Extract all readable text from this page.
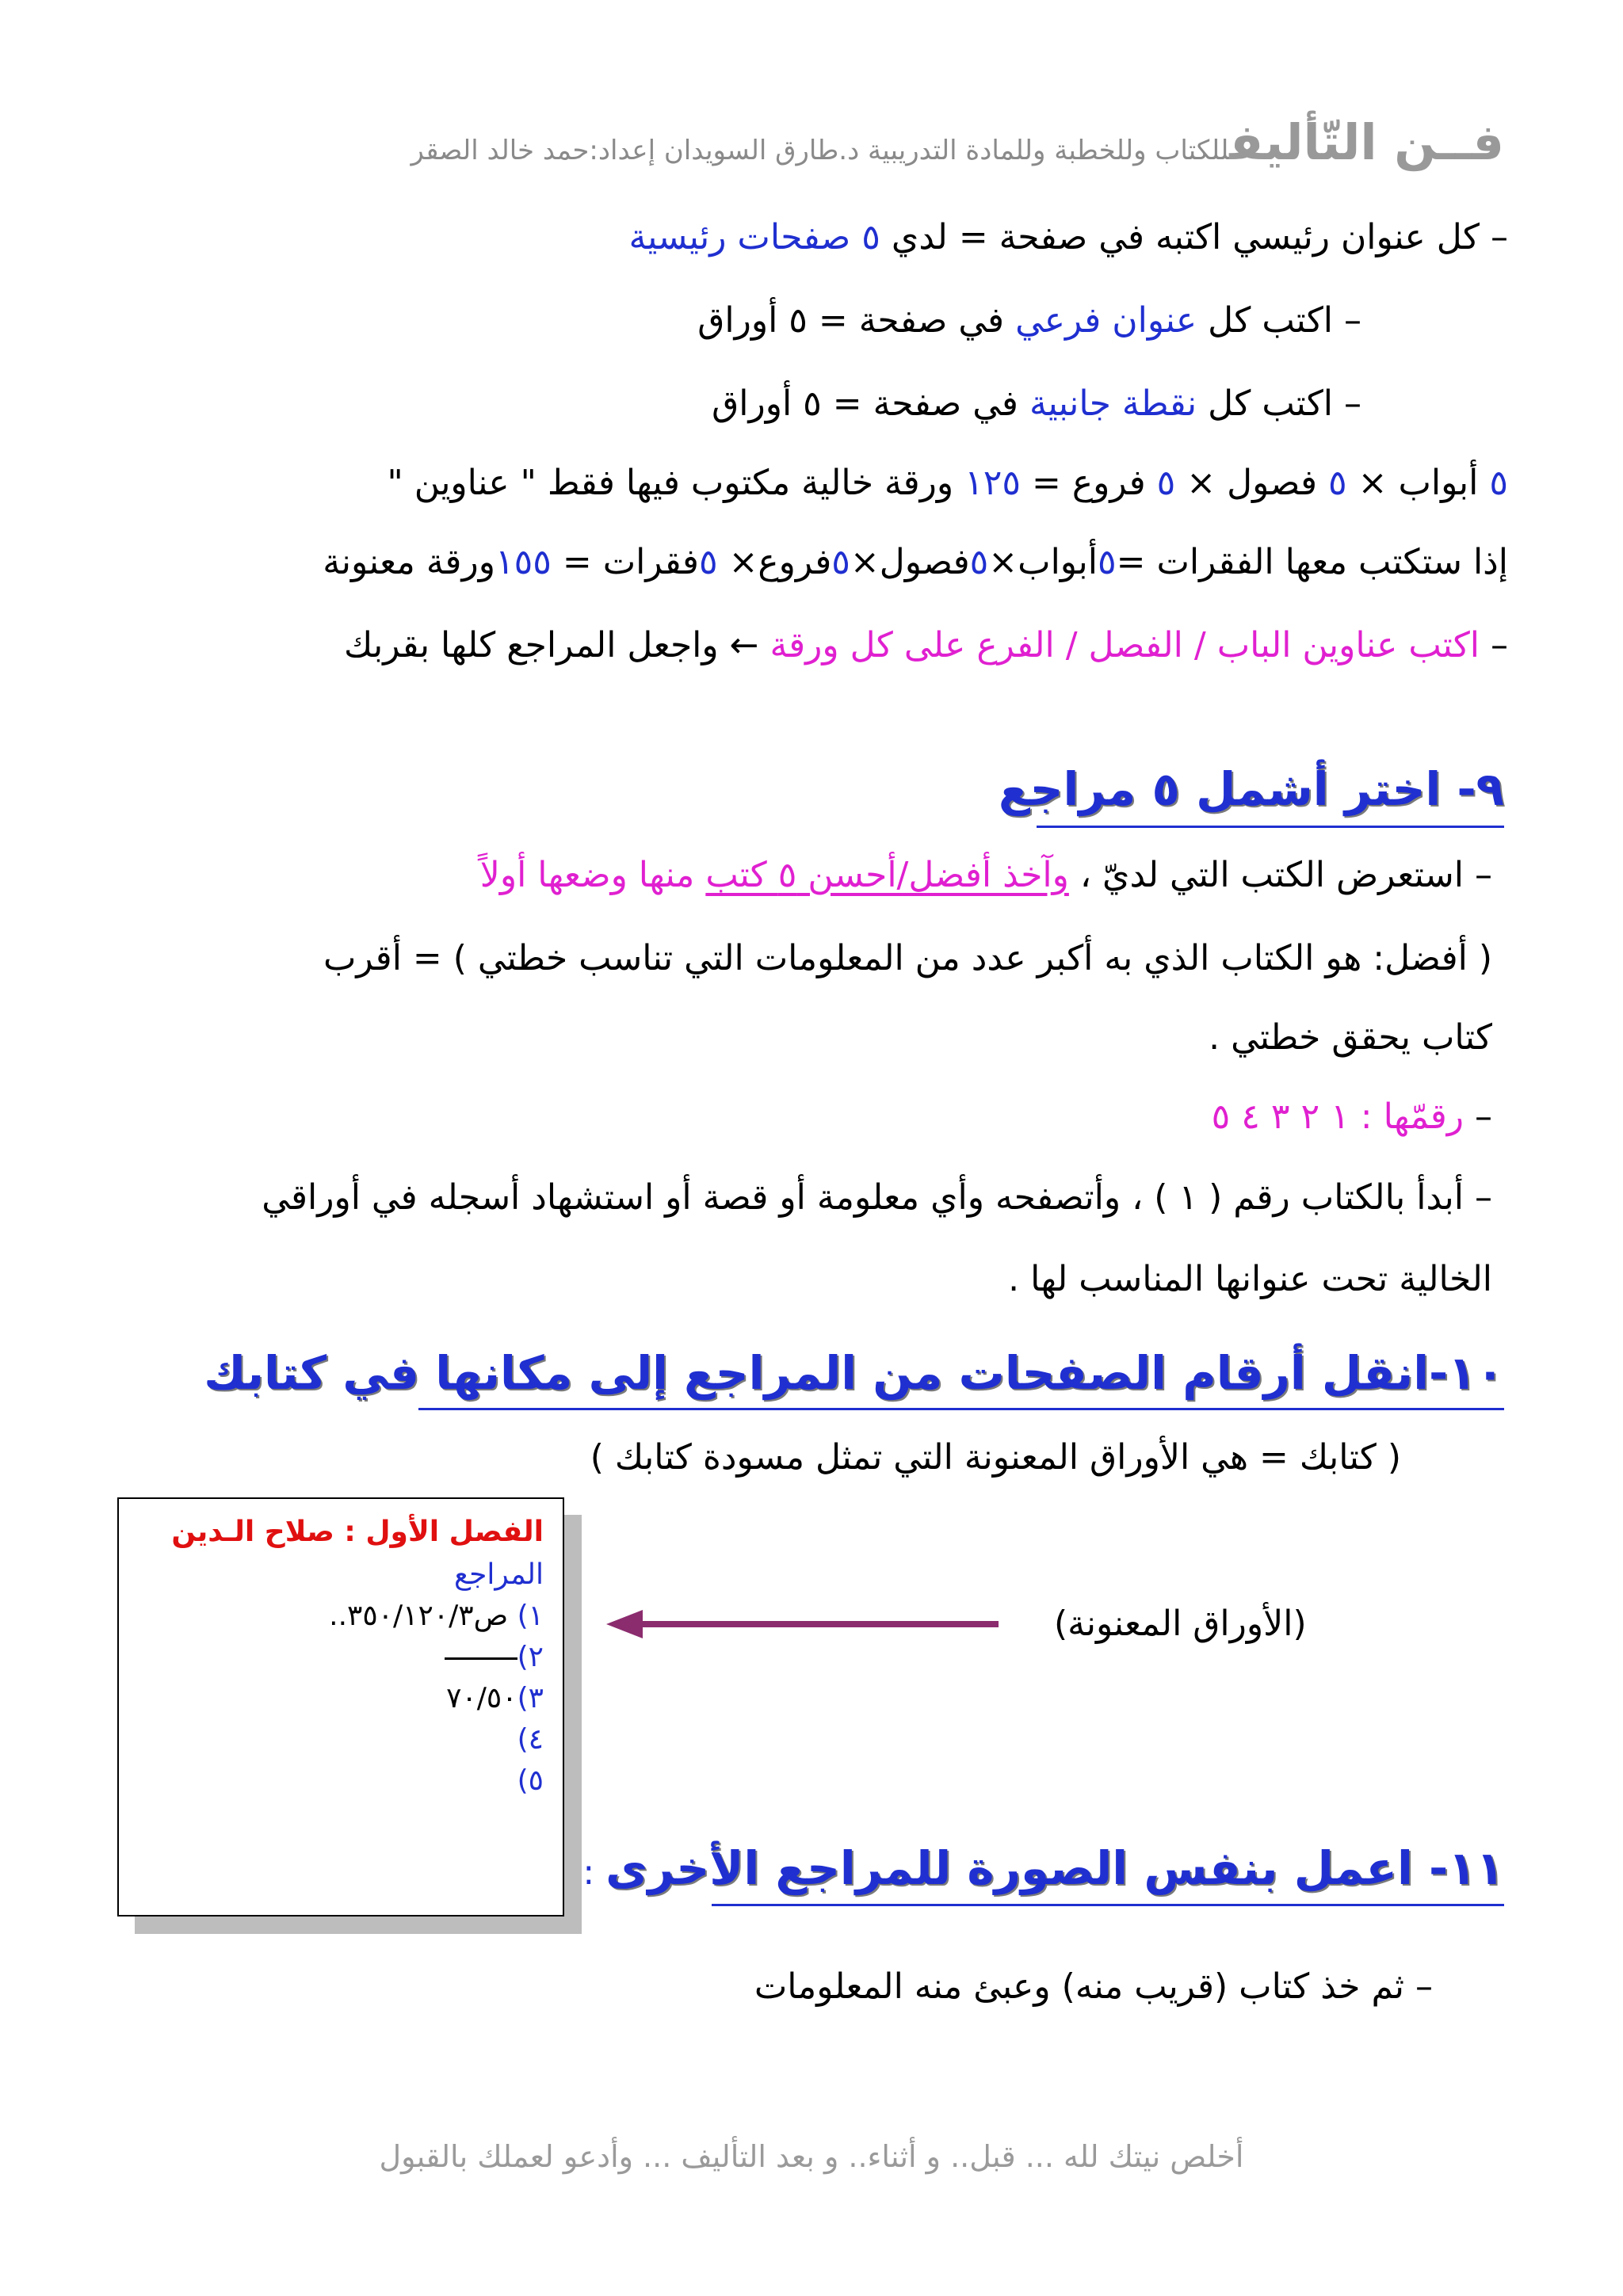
فــن التّأليفللكتاب وللخطبة وللمادة التدريبية د.طارق السويدان إعداد:حمد خالد الصقر
– كل عنوان رئيسي اكتبه في صفحة = لدي ٥ صفحات رئيسية
– اكتب كل عنوان فرعي في صفحة = ٥ أوراق
– اكتب كل نقطة جانبية في صفحة = ٥ أوراق
٥ أبواب × ٥ فصول × ٥ فروع = ١٢٥ ورقة خالية مكتوب فيها فقط " عناوين "
إذا ستكتب معها الفقرات =٥أبواب×٥فصول×٥فروع× ٥فقرات = ١٥٥ورقة معنونة
– اكتب عناوين الباب / الفصل / الفرع على كل ورقة ← واجعل المراجع كلها بقربك
٩- اختر أشمل ٥ مراجع
– استعرض الكتب التي لديّ ، وآخذ أفضل/أحسن ٥ كتب منها وضعها أولاً
( أفضل: هو الكتاب الذي به أكبر عدد من المعلومات التي تناسب خطتي ) = أقرب
كتاب يحقق خطتي .
– رقمّها : ١ ٢ ٣ ٤ ٥
– أبدأ بالكتاب رقم ( ١ ) ، وأتصفحه وأي معلومة أو قصة أو استشهاد أسجله في أوراقي
الخالية تحت عنوانها المناسب لها .
١٠-انقل أرقام الصفحات من المراجع إلى مكانها في كتابك
( كتابك = هي الأوراق المعنونة التي تمثل مسودة كتابك )
الفصل الأول : صلاح الـدين
المراجع
١) ص٣٥٠/١٢٠/٣..
٢)
٣)٧٠/٥٠
٤)
٥)
(الأوراق المعنونة)
١١- اعمل بنفس الصورة للمراجع الأخرى :
– ثم خذ كتاب (قريب منه) وعبئ منه المعلومات
أخلص نيتك لله ... قبل.. و أثناء.. و بعد التأليف ... وأدعو لعملك بالقبول
